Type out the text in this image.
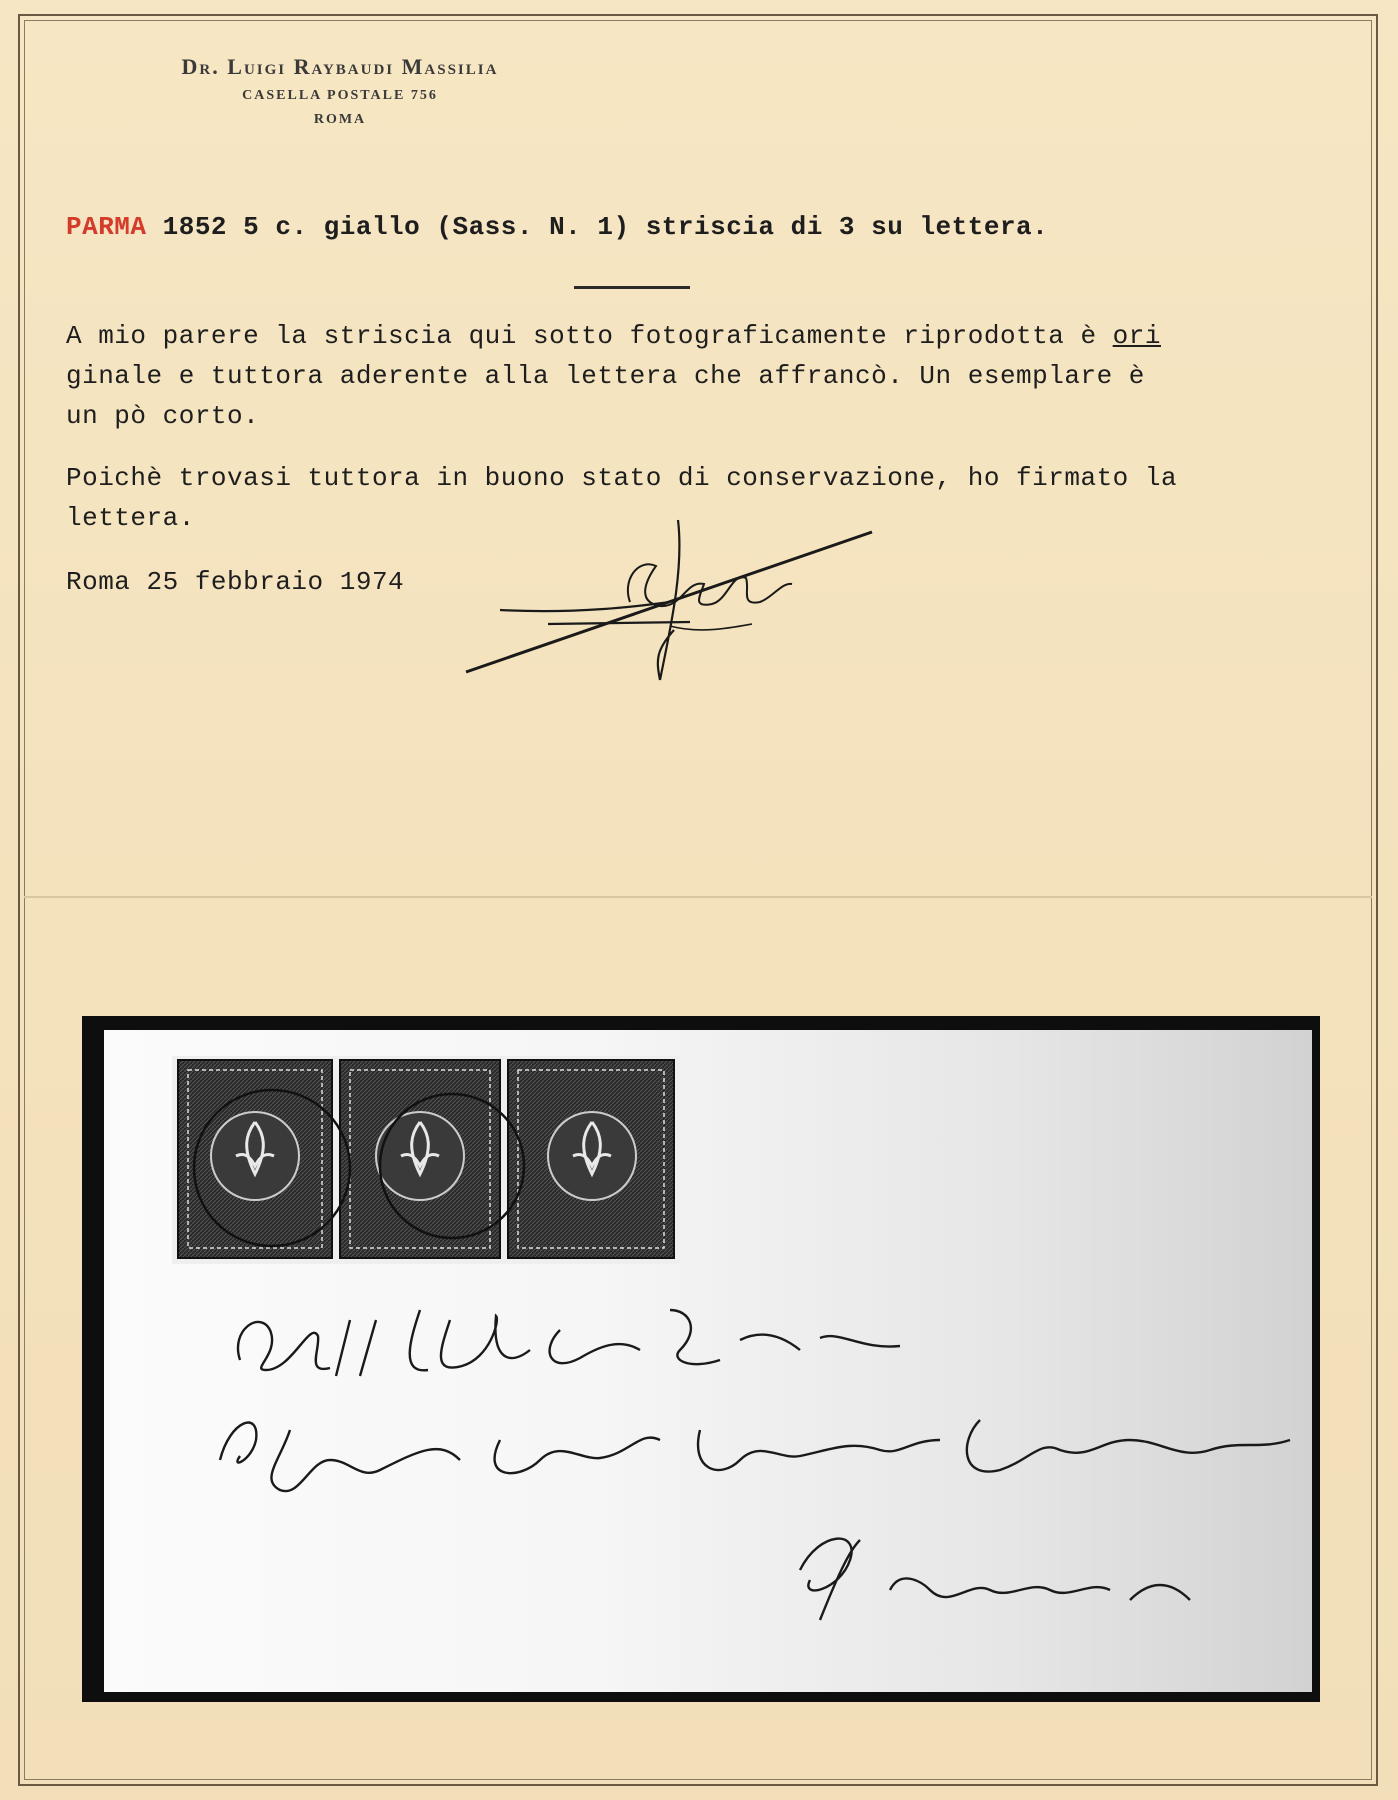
Dr. Luigi Raybaudi Massilia
CASELLA POSTALE 756
ROMA
PARMA 1852 5 c. giallo (Sass. N. 1) striscia di 3 su lettera.
A mio parere la striscia qui sotto fotograficamente riprodotta è ori
ginale e tuttora aderente alla lettera che affrancò. Un esemplare è
un pò corto.
Poichè trovasi tuttora in buono stato di conservazione, ho firmato la
lettera.
Roma 25 febbraio 1974
